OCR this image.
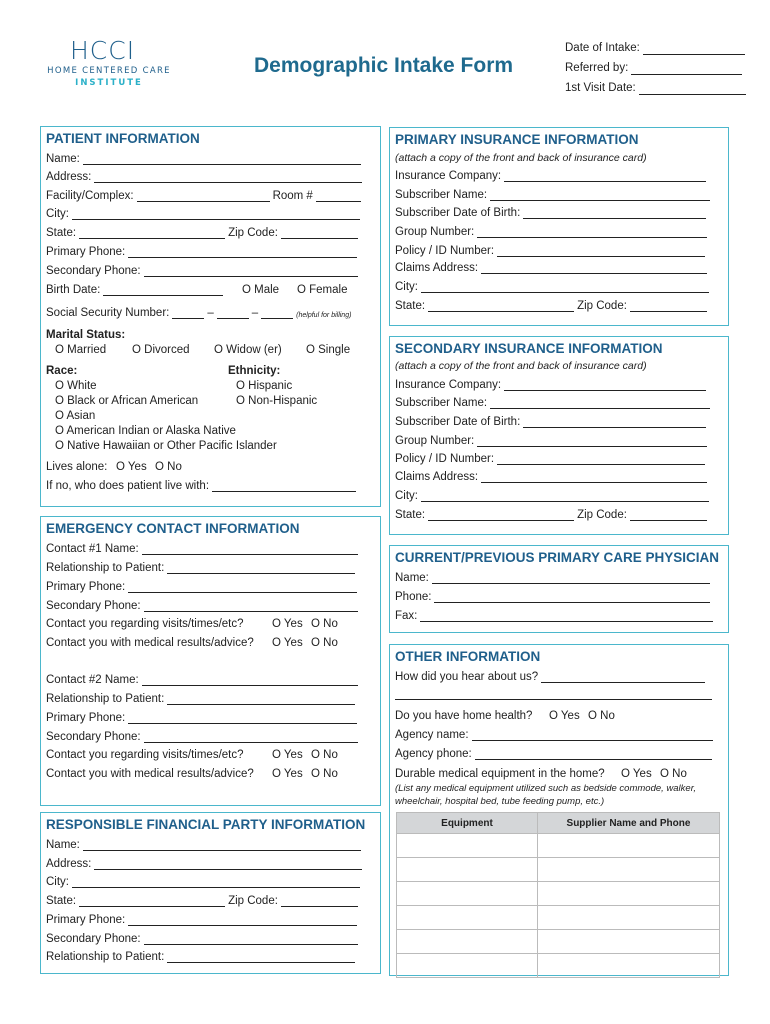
HCCI
HOME CENTERED CARE
INSTITUTE
Demographic Intake Form
Date of Intake:
Referred by:
1st Visit Date:
PATIENT INFORMATION
Name:
Address:
Facility/Complex:	Room #
City:
State:	Zip Code:
Primary Phone:
Secondary Phone:
Birth Date:	O Male O Female
Social Security Number:	–	–	(helpful for billing)
Marital Status:
O Married O Divorced O Widow (er) O Single
Race:
O White
O Black or African American
O Asian
O American Indian or Alaska Native
O Native Hawaiian or Other Pacific Islander
Ethnicity:
O Hispanic
O Non-Hispanic
Lives alone: O Yes O No
If no, who does patient live with:
EMERGENCY CONTACT INFORMATION
Contact #1 Name:
Relationship to Patient:
Primary Phone:
Secondary Phone:
Contact you regarding visits/times/etc? O Yes O No
Contact you with medical results/advice? O Yes O No
Contact #2 Name:
Relationship to Patient:
Primary Phone:
Secondary Phone:
Contact you regarding visits/times/etc? O Yes O No
Contact you with medical results/advice? O Yes O No
RESPONSIBLE FINANCIAL PARTY INFORMATION
Name:
Address:
City:
State:	Zip Code:
Primary Phone:
Secondary Phone:
Relationship to Patient:
PRIMARY INSURANCE INFORMATION
(attach a copy of the front and back of insurance card)
Insurance Company:
Subscriber Name:
Subscriber Date of Birth:
Group Number:
Policy / ID Number:
Claims Address:
City:
State:	Zip Code:
SECONDARY INSURANCE INFORMATION
(attach a copy of the front and back of insurance card)
Insurance Company:
Subscriber Name:
Subscriber Date of Birth:
Group Number:
Policy / ID Number:
Claims Address:
City:
State:	Zip Code:
CURRENT/PREVIOUS PRIMARY CARE PHYSICIAN
Name:
Phone:
Fax:
OTHER INFORMATION
How did you hear about us?
Do you have home health? O Yes O No
Agency name:
Agency phone:
Durable medical equipment in the home? O Yes O No
(List any medical equipment utilized such as bedside commode, walker,
wheelchair, hospital bed, tube feeding pump, etc.)
Equipment	Supplier Name and Phone
